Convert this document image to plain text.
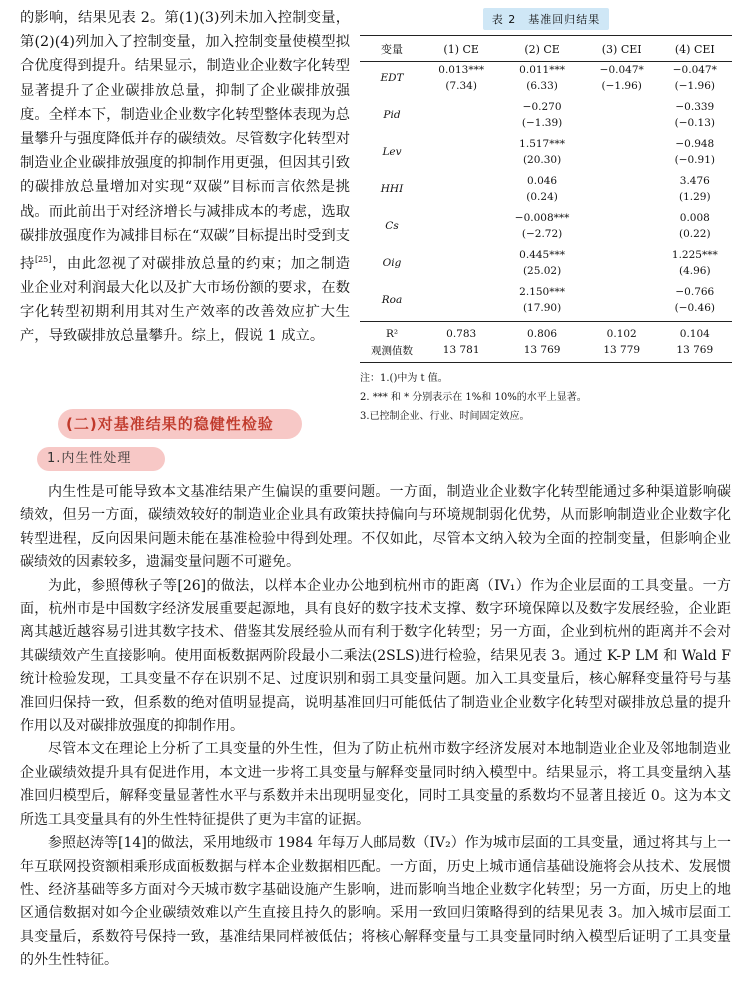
的影响，结果见表 2。第(1)(3)列未加入控制变量，第(2)(4)列加入了控制变量，加入控制变量使模型拟合优度得到提升。结果显示，制造业企业数字化转型显著提升了企业碳排放总量，抑制了企业碳排放强度。全样本下，制造业企业数字化转型整体表现为总量攀升与强度降低并存的碳绩效。尽管数字化转型对制造业企业碳排放强度的抑制作用更强，但因其引致的碳排放总量增加对实现“双碳”目标而言依然是挑战。而此前出于对经济增长与减排成本的考虑，选取碳排放强度作为减排目标在“双碳”目标提出时受到支持[25]，由此忽视了对碳排放总量的约束；加之制造业企业对利润最大化以及扩大市场份额的要求，在数字化转型初期利用其对生产效率的改善效应扩大生产，导致碳排放总量攀升。综上，假说 1 成立。

表 2　基准回归结果
变量	(1) CE	(2) CE	(3) CEI	(4) CEI
EDT	0.013***	0.011***	−0.047*	−0.047*
	(7.34)	(6.33)	(−1.96)	(−1.96)

Pid		−0.270		−0.339
		(−1.39)		(−0.13)

Lev		1.517***		−0.948
		(20.30)		(−0.91)

HHI		0.046		3.476
		(0.24)		(1.29)

Cs		−0.008***		0.008
		(−2.72)		(0.22)

Oig		0.445***		1.225***
		(25.02)		(4.96)

Roa		2.150***		−0.766
		(17.90)		(−0.46)

R²	0.783	0.806	0.102	0.104
观测值数	13 781	13 769	13 779	13 769
注：1.()中为 t 值。
2. *** 和 * 分别表示在 1%和 10%的水平上显著。
3.已控制企业、行业、时间固定效应。
(二)对基准结果的稳健性检验
1.内生性处理

内生性是可能导致本文基准结果产生偏误的重要问题。一方面，制造业企业数字化转型能通过多种渠道影响碳绩效，但另一方面，碳绩效较好的制造业企业具有政策扶持偏向与环境规制弱化优势，从而影响制造业企业数字化转型进程，反向因果问题未能在基准检验中得到处理。不仅如此，尽管本文纳入较为全面的控制变量，但影响企业碳绩效的因素较多，遗漏变量问题不可避免。

为此，参照傅秋子等[26]的做法，以样本企业办公地到杭州市的距离（IV₁）作为企业层面的工具变量。一方面，杭州市是中国数字经济发展重要起源地，具有良好的数字技术支撑、数字环境保障以及数字发展经验，企业距离其越近越容易引进其数字技术、借鉴其发展经验从而有利于数字化转型；另一方面，企业到杭州的距离并不会对其碳绩效产生直接影响。使用面板数据两阶段最小二乘法(2SLS)进行检验，结果见表 3。通过 K-P LM 和 Wald F 统计检验发现，工具变量不存在识别不足、过度识别和弱工具变量问题。加入工具变量后，核心解释变量符号与基准回归保持一致，但系数的绝对值明显提高，说明基准回归可能低估了制造业企业数字化转型对碳排放总量的提升作用以及对碳排放强度的抑制作用。

尽管本文在理论上分析了工具变量的外生性，但为了防止杭州市数字经济发展对本地制造业企业及邻地制造业企业碳绩效提升具有促进作用，本文进一步将工具变量与解释变量同时纳入模型中。结果显示，将工具变量纳入基准回归模型后，解释变量显著性水平与系数并未出现明显变化，同时工具变量的系数均不显著且接近 0。这为本文所选工具变量具有的外生性特征提供了更为丰富的证据。

参照赵涛等[14]的做法，采用地级市 1984 年每万人邮局数（IV₂）作为城市层面的工具变量，通过将其与上一年互联网投资额相乘形成面板数据与样本企业数据相匹配。一方面，历史上城市通信基础设施将会从技术、发展惯性、经济基础等多方面对今天城市数字基础设施产生影响，进而影响当地企业数字化转型；另一方面，历史上的地区通信数据对如今企业碳绩效难以产生直接且持久的影响。采用一致回归策略得到的结果见表 3。加入城市层面工具变量后，系数符号保持一致，基准结果同样被低估；将核心解释变量与工具变量同时纳入模型后证明了工具变量的外生性特征。
